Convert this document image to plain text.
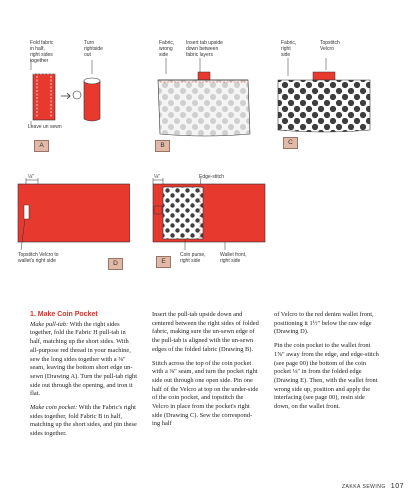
Fold fabric
in half,
right sides
together
Turn
rightside
out
Leave un sewn
A
Fabric,
wrong
side
Insert tab upside
down between
fabric layers
B
Fabric,
right
side
Topstitch
Velcro
C
⅛"
Topstitch Velcro to
wallet's right side	D
⅛"	Edge-stitch
E
Coin purse,
right side
Wallet front,
right side
1. Make Coin Pocket

Make pull-tab: With the right sides together, fold the Fabric H pull-tab in half, matching up the short sides. With all-purpose red thread in your machine, sew the long sides together with a ⅜" seam, leaving the bottom short edge un-sewn (Drawing A). Turn the pull-tab right side out through the opening, and iron it flat.

Make coin pocket: With the Fabric's right sides together, fold Fabric B in half, matching up the short sides, and pin these sides together.

Insert the pull-tab upside down and centered between the right sides of folded fabric, making sure the un-sewn edge of the pull-tab is aligned with the un-sewn edges of the folded fabric (Drawing B).

Stitch across the top of the coin pocket with a ⅜" seam, and turn the pocket right side out through one open side. Pin one half of the Velcro at top on the under-side of the coin pocket, and topstitch the Velcro in place from the pocket's right side (Drawing C). Sew the correspond-ing half

of Velcro to the red denim wallet front, positioning it 1½" below the raw edge (Drawing D).

Pin the coin pocket to the wallet front 1⅝" away from the edge, and edge-stitch (see page 00) the bottom of the coin pocket ⅛" in from the folded edge (Drawing E). Then, with the wallet front wrong side up, position and apply the interfacing (see page 00), resin side down, on the wallet front.

ZAKKA SEWING 107
